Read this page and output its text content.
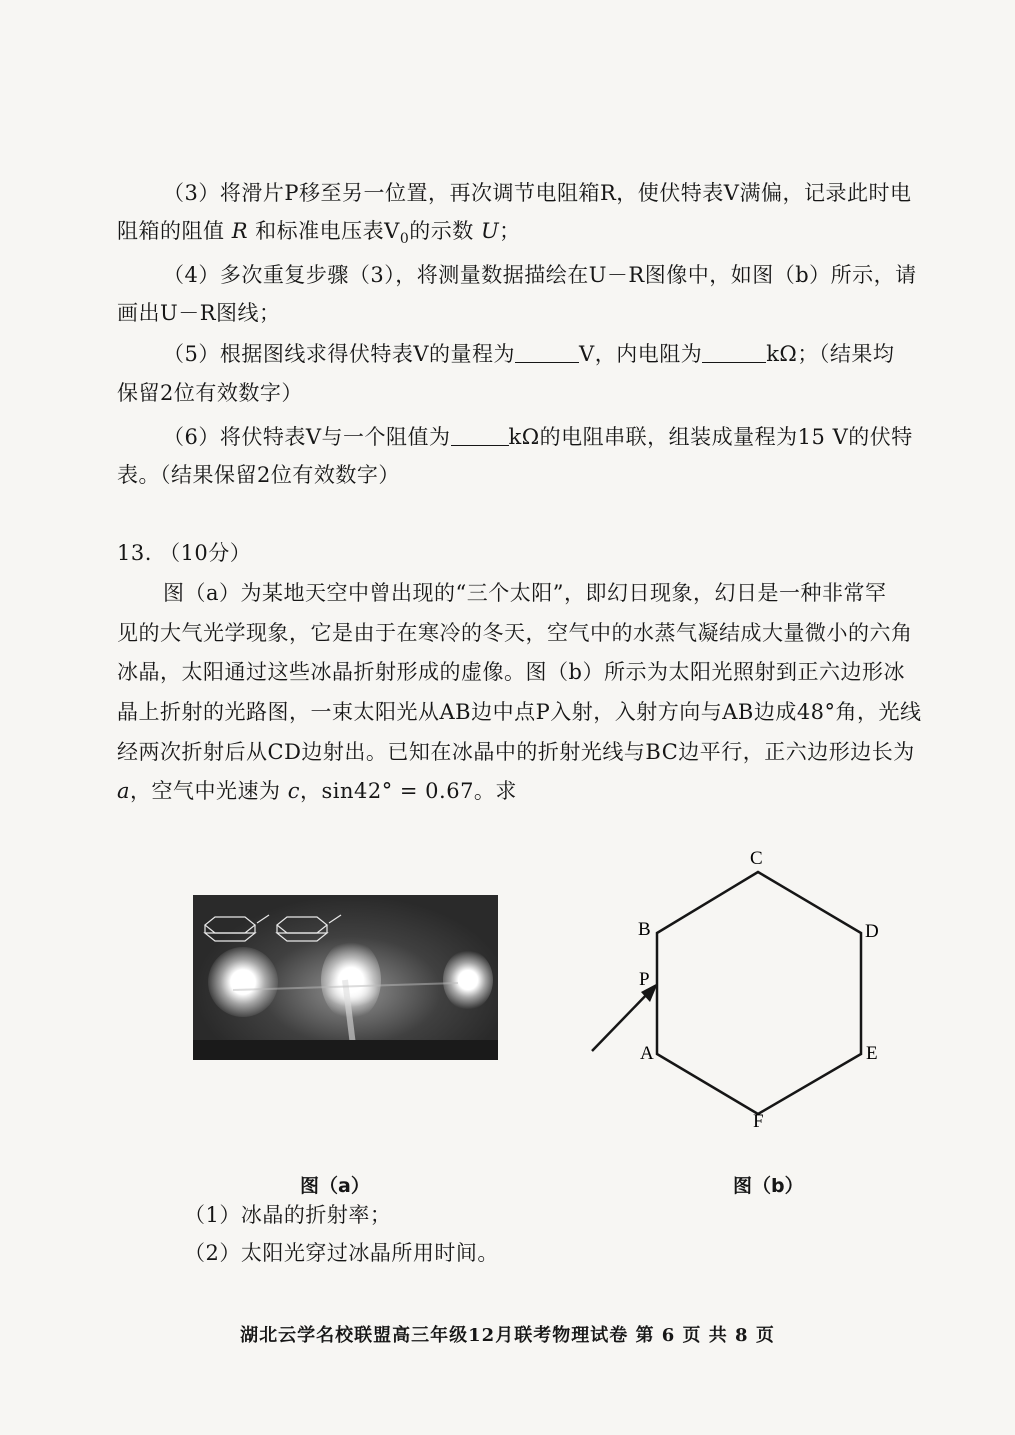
（3）将滑片P移至另一位置，再次调节电阻箱R，使伏特表V满偏，记录此时电
阻箱的阻值 R 和标准电压表$V_0$的示数 U；
（4）多次重复步骤（3），将测量数据描绘在U－R图像中，如图（b）所示，请
画出U－R图线；
（5）根据图线求得伏特表V的量程为	V，内电阻为	kΩ；（结果均
保留2位有效数字）
（6）将伏特表V与一个阻值为	kΩ的电阻串联，组装成量程为15 V的伏特
表。（结果保留2位有效数字）
13. （10分）
图（a）为某地天空中曾出现的“三个太阳”，即幻日现象，幻日是一种非常罕
见的大气光学现象，它是由于在寒冷的冬天，空气中的水蒸气凝结成大量微小的六角
冰晶，太阳通过这些冰晶折射形成的虚像。图（b）所示为太阳光照射到正六边形冰
晶上折射的光路图，一束太阳光从AB边中点P入射，入射方向与AB边成48°角，光线
经两次折射后从CD边射出。已知在冰晶中的折射光线与BC边平行，正六边形边长为
a，空气中光速为 c，sin42° = 0.67。求
C
B	D
P
A	E
F
图（a）	图（b）
（1）冰晶的折射率；
（2）太阳光穿过冰晶所用时间。
湖北云学名校联盟高三年级12月联考物理试卷 第 6 页 共 8 页
